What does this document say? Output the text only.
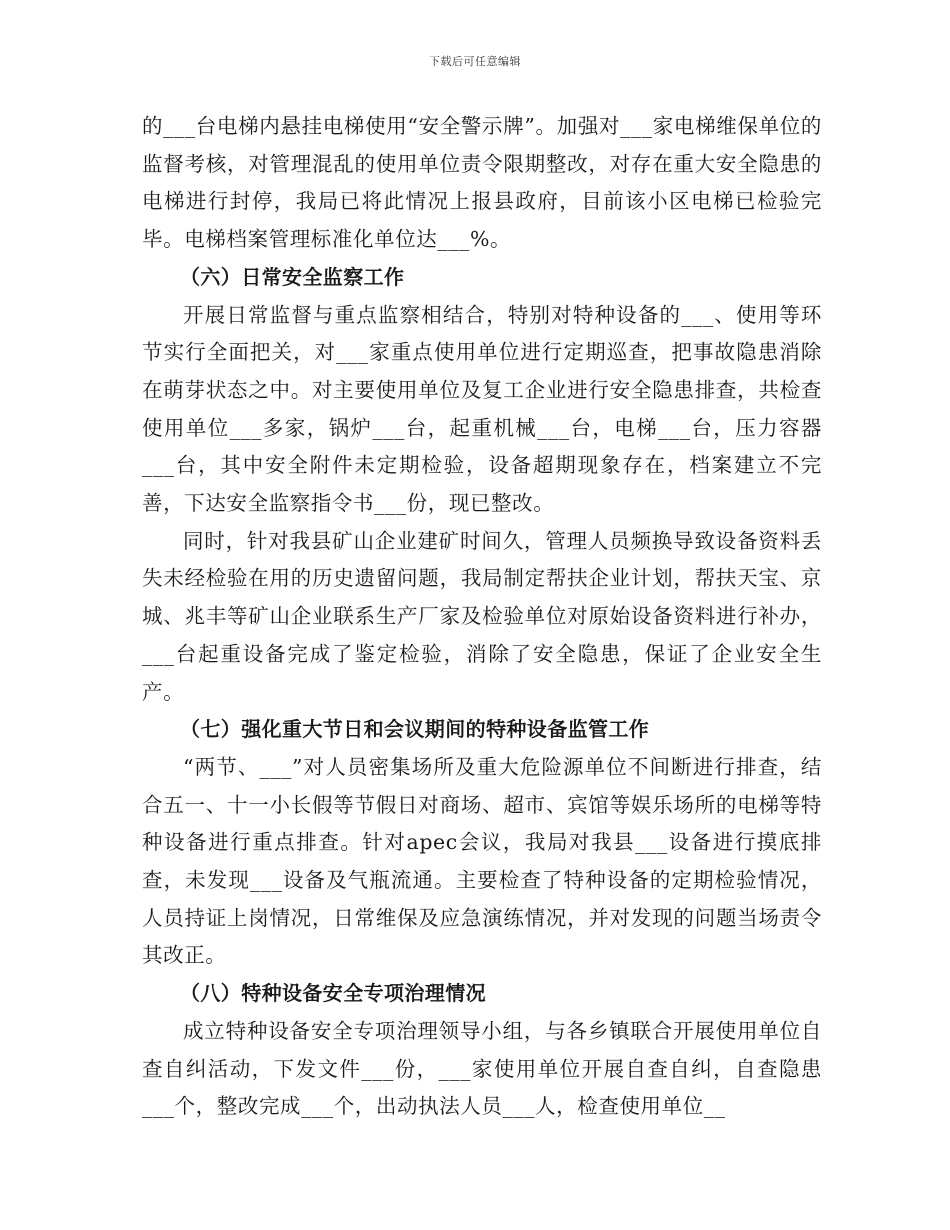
下载后可任意编辑

的___台电梯内悬挂电梯使用“安全警示牌”。加强对___家电梯维保单位的监督考核，对管理混乱的使用单位责令限期整改，对存在重大安全隐患的电梯进行封停，我局已将此情况上报县政府，目前该小区电梯已检验完毕。电梯档案管理标准化单位达___%。

（六）日常安全监察工作

开展日常监督与重点监察相结合，特别对特种设备的___、使用等环节实行全面把关，对___家重点使用单位进行定期巡查，把事故隐患消除在萌芽状态之中。对主要使用单位及复工企业进行安全隐患排查，共检查使用单位___多家，锅炉___台，起重机械___台，电梯___台，压力容器___台，其中安全附件未定期检验，设备超期现象存在，档案建立不完善，下达安全监察指令书___份，现已整改。

同时，针对我县矿山企业建矿时间久，管理人员频换导致设备资料丢失未经检验在用的历史遗留问题，我局制定帮扶企业计划，帮扶天宝、京城、兆丰等矿山企业联系生产厂家及检验单位对原始设备资料进行补办，___台起重设备完成了鉴定检验，消除了安全隐患，保证了企业安全生产。

（七）强化重大节日和会议期间的特种设备监管工作

“两节、___”对人员密集场所及重大危险源单位不间断进行排查，结合五一、十一小长假等节假日对商场、超市、宾馆等娱乐场所的电梯等特种设备进行重点排查。针对apec会议，我局对我县___设备进行摸底排查，未发现___设备及气瓶流通。主要检查了特种设备的定期检验情况，人员持证上岗情况，日常维保及应急演练情况，并对发现的问题当场责令其改正。

（八）特种设备安全专项治理情况

成立特种设备安全专项治理领导小组，与各乡镇联合开展使用单位自查自纠活动，下发文件___份，___家使用单位开展自查自纠，自查隐患___个，整改完成___个，出动执法人员___人，检查使用单位__
